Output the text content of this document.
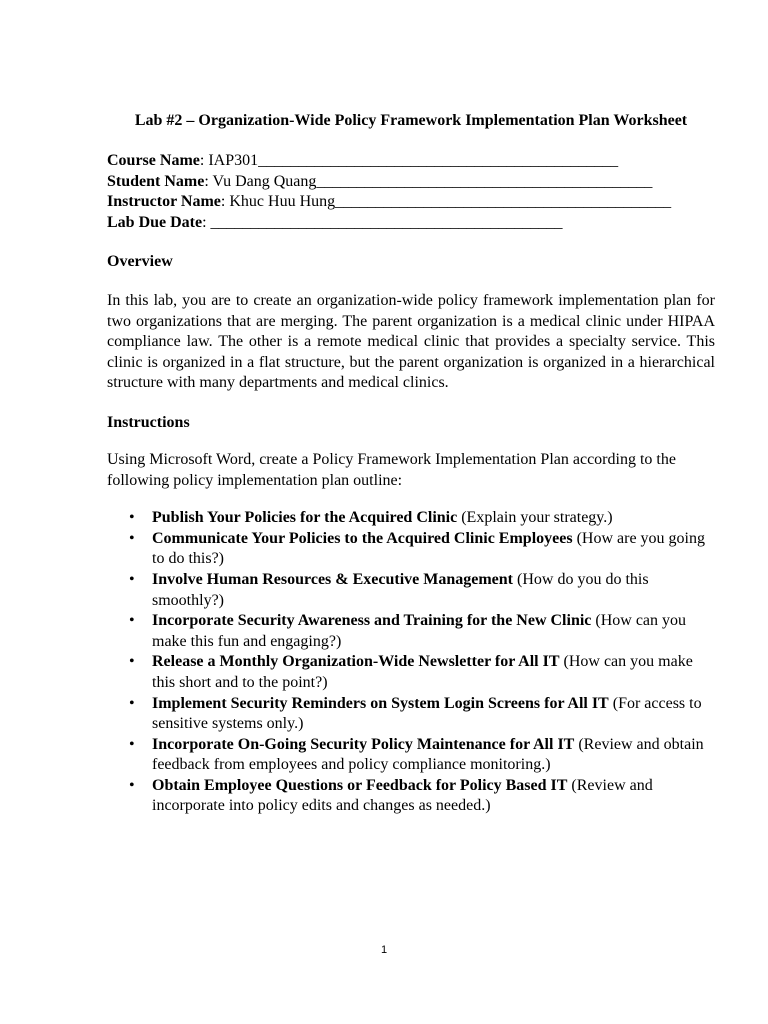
Lab #2 – Organization-Wide Policy Framework Implementation Plan Worksheet

Course Name: IAP301_____________________________________________
Student Name: Vu Dang Quang__________________________________________
Instructor Name: Khuc Huu Hung__________________________________________
Lab Due Date: ____________________________________________

Overview

In this lab, you are to create an organization-wide policy framework implementation plan for two organizations that are merging. The parent organization is a medical clinic under HIPAA compliance law. The other is a remote medical clinic that provides a specialty service. This clinic is organized in a flat structure, but the parent organization is organized in a hierarchical structure with many departments and medical clinics.

Instructions

Using Microsoft Word, create a Policy Framework Implementation Plan according to the following policy implementation plan outline:

• Publish Your Policies for the Acquired Clinic (Explain your strategy.)
• Communicate Your Policies to the Acquired Clinic Employees (How are you going to do this?)
• Involve Human Resources & Executive Management (How do you do this smoothly?)
• Incorporate Security Awareness and Training for the New Clinic (How can you make this fun and engaging?)
• Release a Monthly Organization-Wide Newsletter for All IT (How can you make this short and to the point?)
• Implement Security Reminders on System Login Screens for All IT (For access to sensitive systems only.)
• Incorporate On-Going Security Policy Maintenance for All IT (Review and obtain feedback from employees and policy compliance monitoring.)
• Obtain Employee Questions or Feedback for Policy Based IT (Review and incorporate into policy edits and changes as needed.)
1
